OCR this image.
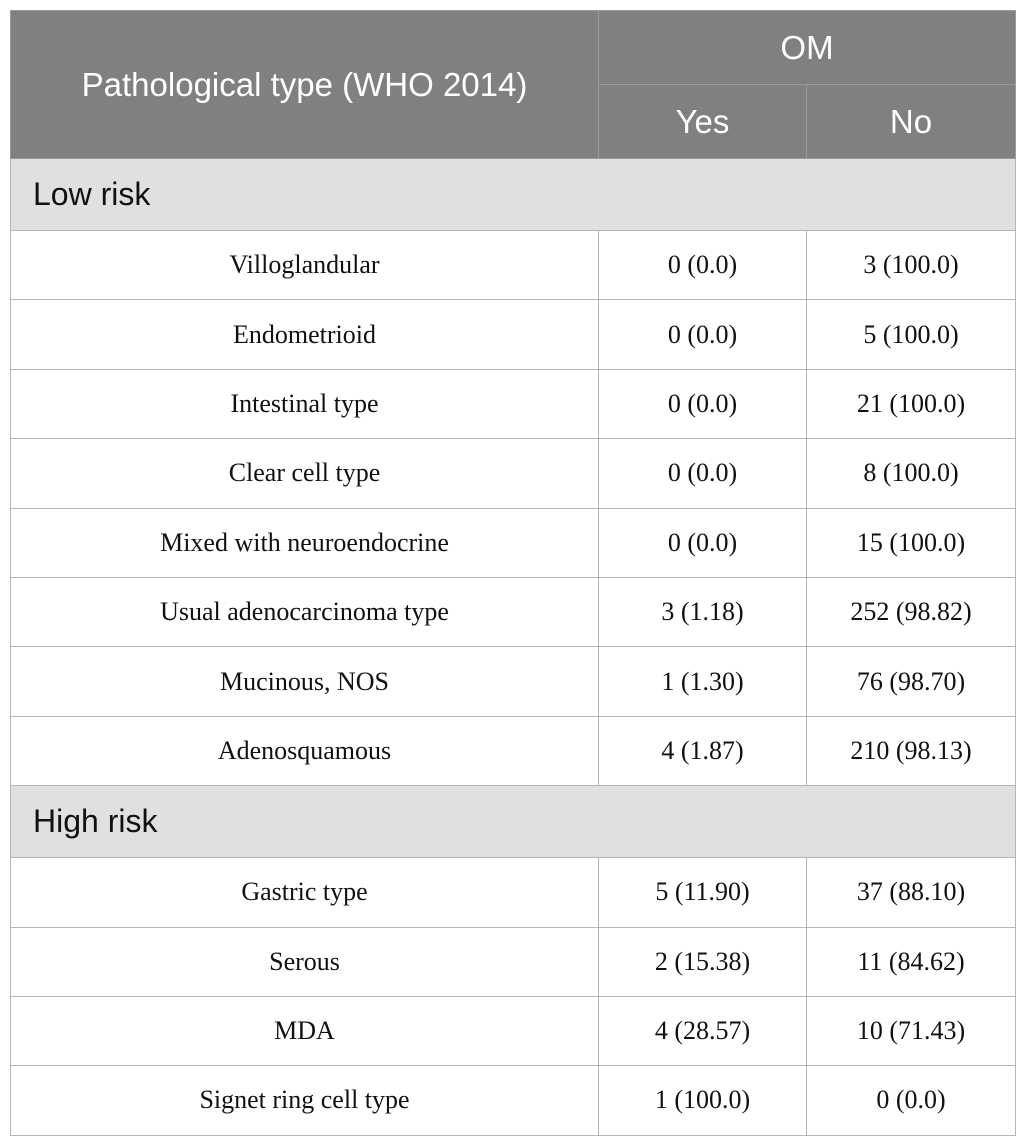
Pathological type (WHO 2014)	OM	
	Yes	No
Low risk		
Villoglandular	0 (0.0)	3 (100.0)
Endometrioid	0 (0.0)	5 (100.0)
Intestinal type	0 (0.0)	21 (100.0)
Clear cell type	0 (0.0)	8 (100.0)
Mixed with neuroendocrine	0 (0.0)	15 (100.0)
Usual adenocarcinoma type	3 (1.18)	252 (98.82)
Mucinous, NOS	1 (1.30)	76 (98.70)
Adenosquamous	4 (1.87)	210 (98.13)
High risk		
Gastric type	5 (11.90)	37 (88.10)
Serous	2 (15.38)	11 (84.62)
MDA	4 (28.57)	10 (71.43)
Signet ring cell type	1 (100.0)	0 (0.0)
